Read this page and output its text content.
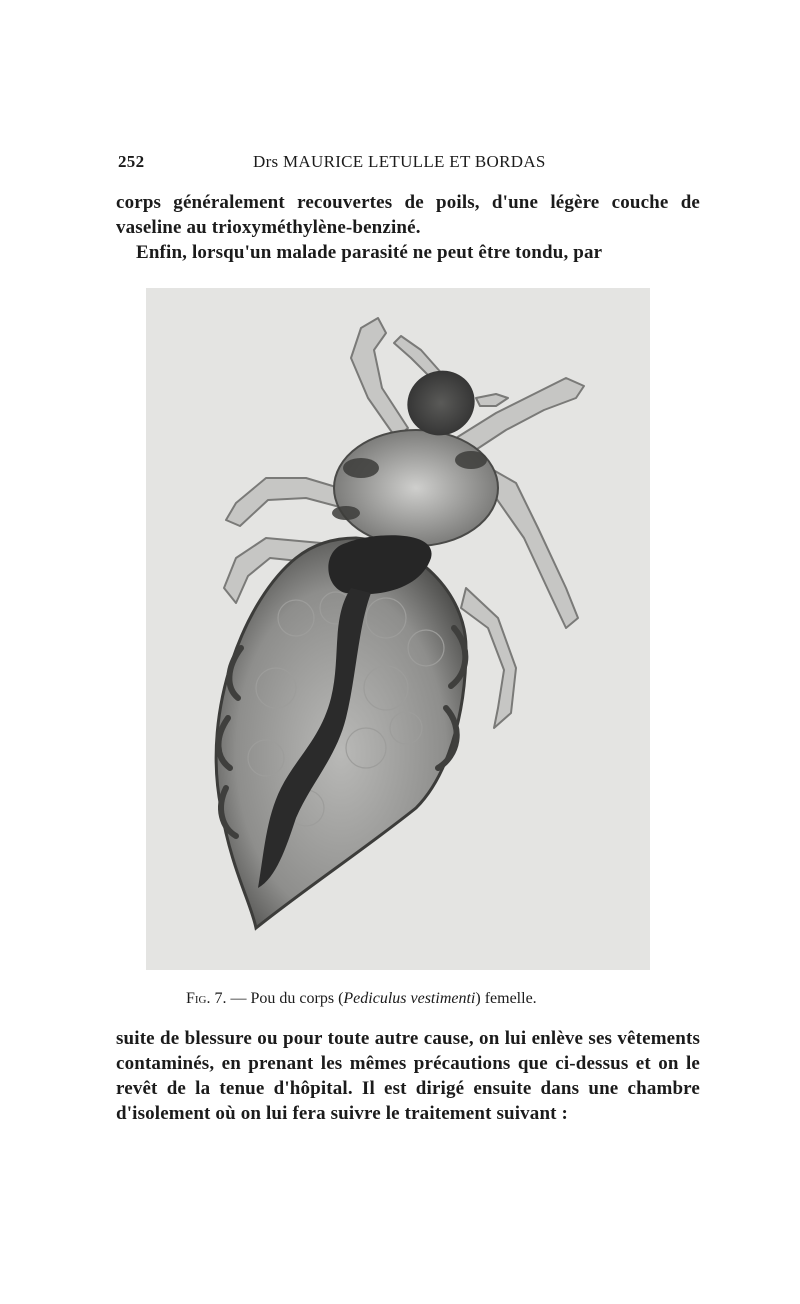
252	Drs MAURICE LETULLE ET BORDAS

corps généralement recouvertes de poils, d'une légère couche de vaseline au trioxyméthylène-benziné.

Enfin, lorsqu'un malade parasité ne peut être tondu, par

Fig. 7. — Pou du corps (Pediculus vestimenti) femelle.

suite de blessure ou pour toute autre cause, on lui enlève ses vêtements contaminés, en prenant les mêmes précautions que ci-dessus et on le revêt de la tenue d'hôpital. Il est dirigé ensuite dans une chambre d'isolement où on lui fera suivre le traitement suivant :
